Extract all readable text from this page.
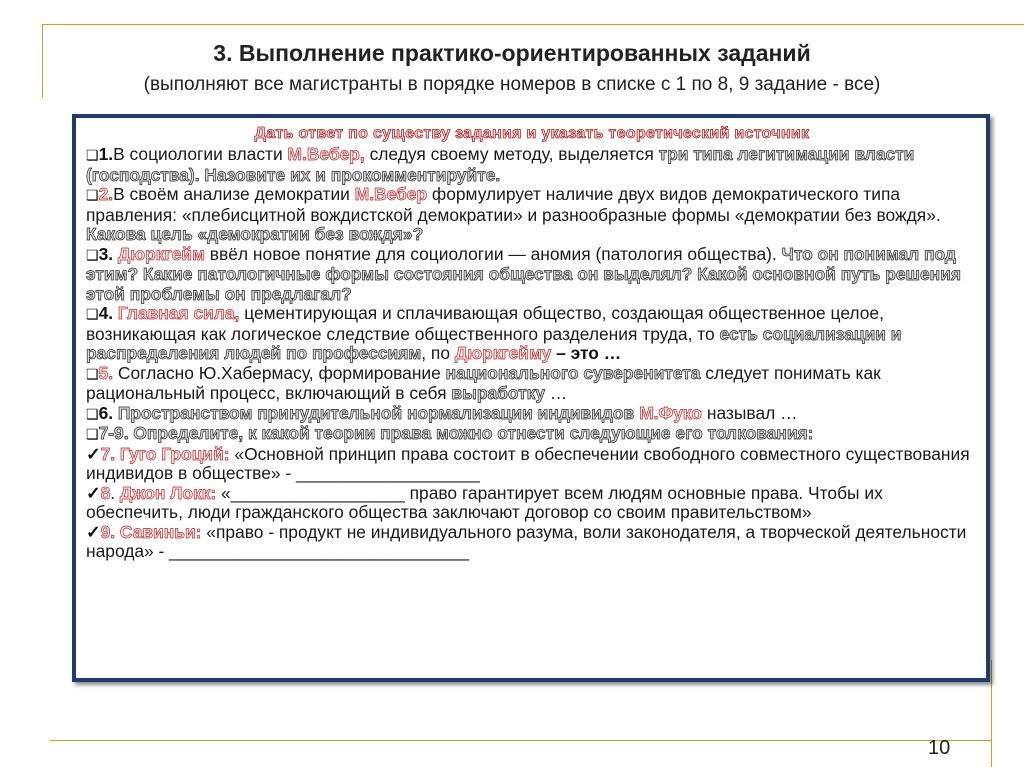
3. Выполнение практико-ориентированных заданий
(выполняют все магистранты в порядке номеров в списке с 1 по 8, 9 задание - все)
Дать ответ по существу задания и указать теоретический источник

❑1.В социологии власти М.Вебер, следуя своему методу, выделяется три типа легитимации власти (господства). Назовите их и прокомментируйте.

❑2.В своём анализе демократии М.Вебер формулирует наличие двух видов демократического типа правления: «плебисцитной вождистской демократии» и разнообразные формы «демократии без вождя». Какова цель «демократии без вождя»?

❑3. Дюркгейм ввёл новое понятие для социологии — аномия (патология общества). Что он понимал под этим? Какие патологичные формы состояния общества он выделял? Какой основной путь решения этой проблемы он предлагал?

❑4. Главная сила, цементирующая и сплачивающая общество, создающая общественное целое, возникающая как логическое следствие общественного разделения труда, то есть социализации и распределения людей по профессиям, по Дюркгейму – это …

❑5. Согласно Ю.Хабермасу, формирование национального суверенитета следует понимать как рациональный процесс, включающий в себя выработку …

❑6. Пространством принудительной нормализации индивидов М.Фуко называл …

❑7-9. Определите, к какой теории права можно отнести следующие его толкования:

✓7. Гуго Гроций: «Основной принцип права состоит в обеспечении свободного совместного существования индивидов в обществе» - ___________________

✓8. Джон Локк: «__________________ право гарантирует всем людям основные права. Чтобы их обеспечить, люди гражданского общества заключают договор со своим правительством»

✓9. Савиньи: «право - продукт не индивидуального разума, воли законодателя, а творческой деятельности народа» - _______________________________

10
